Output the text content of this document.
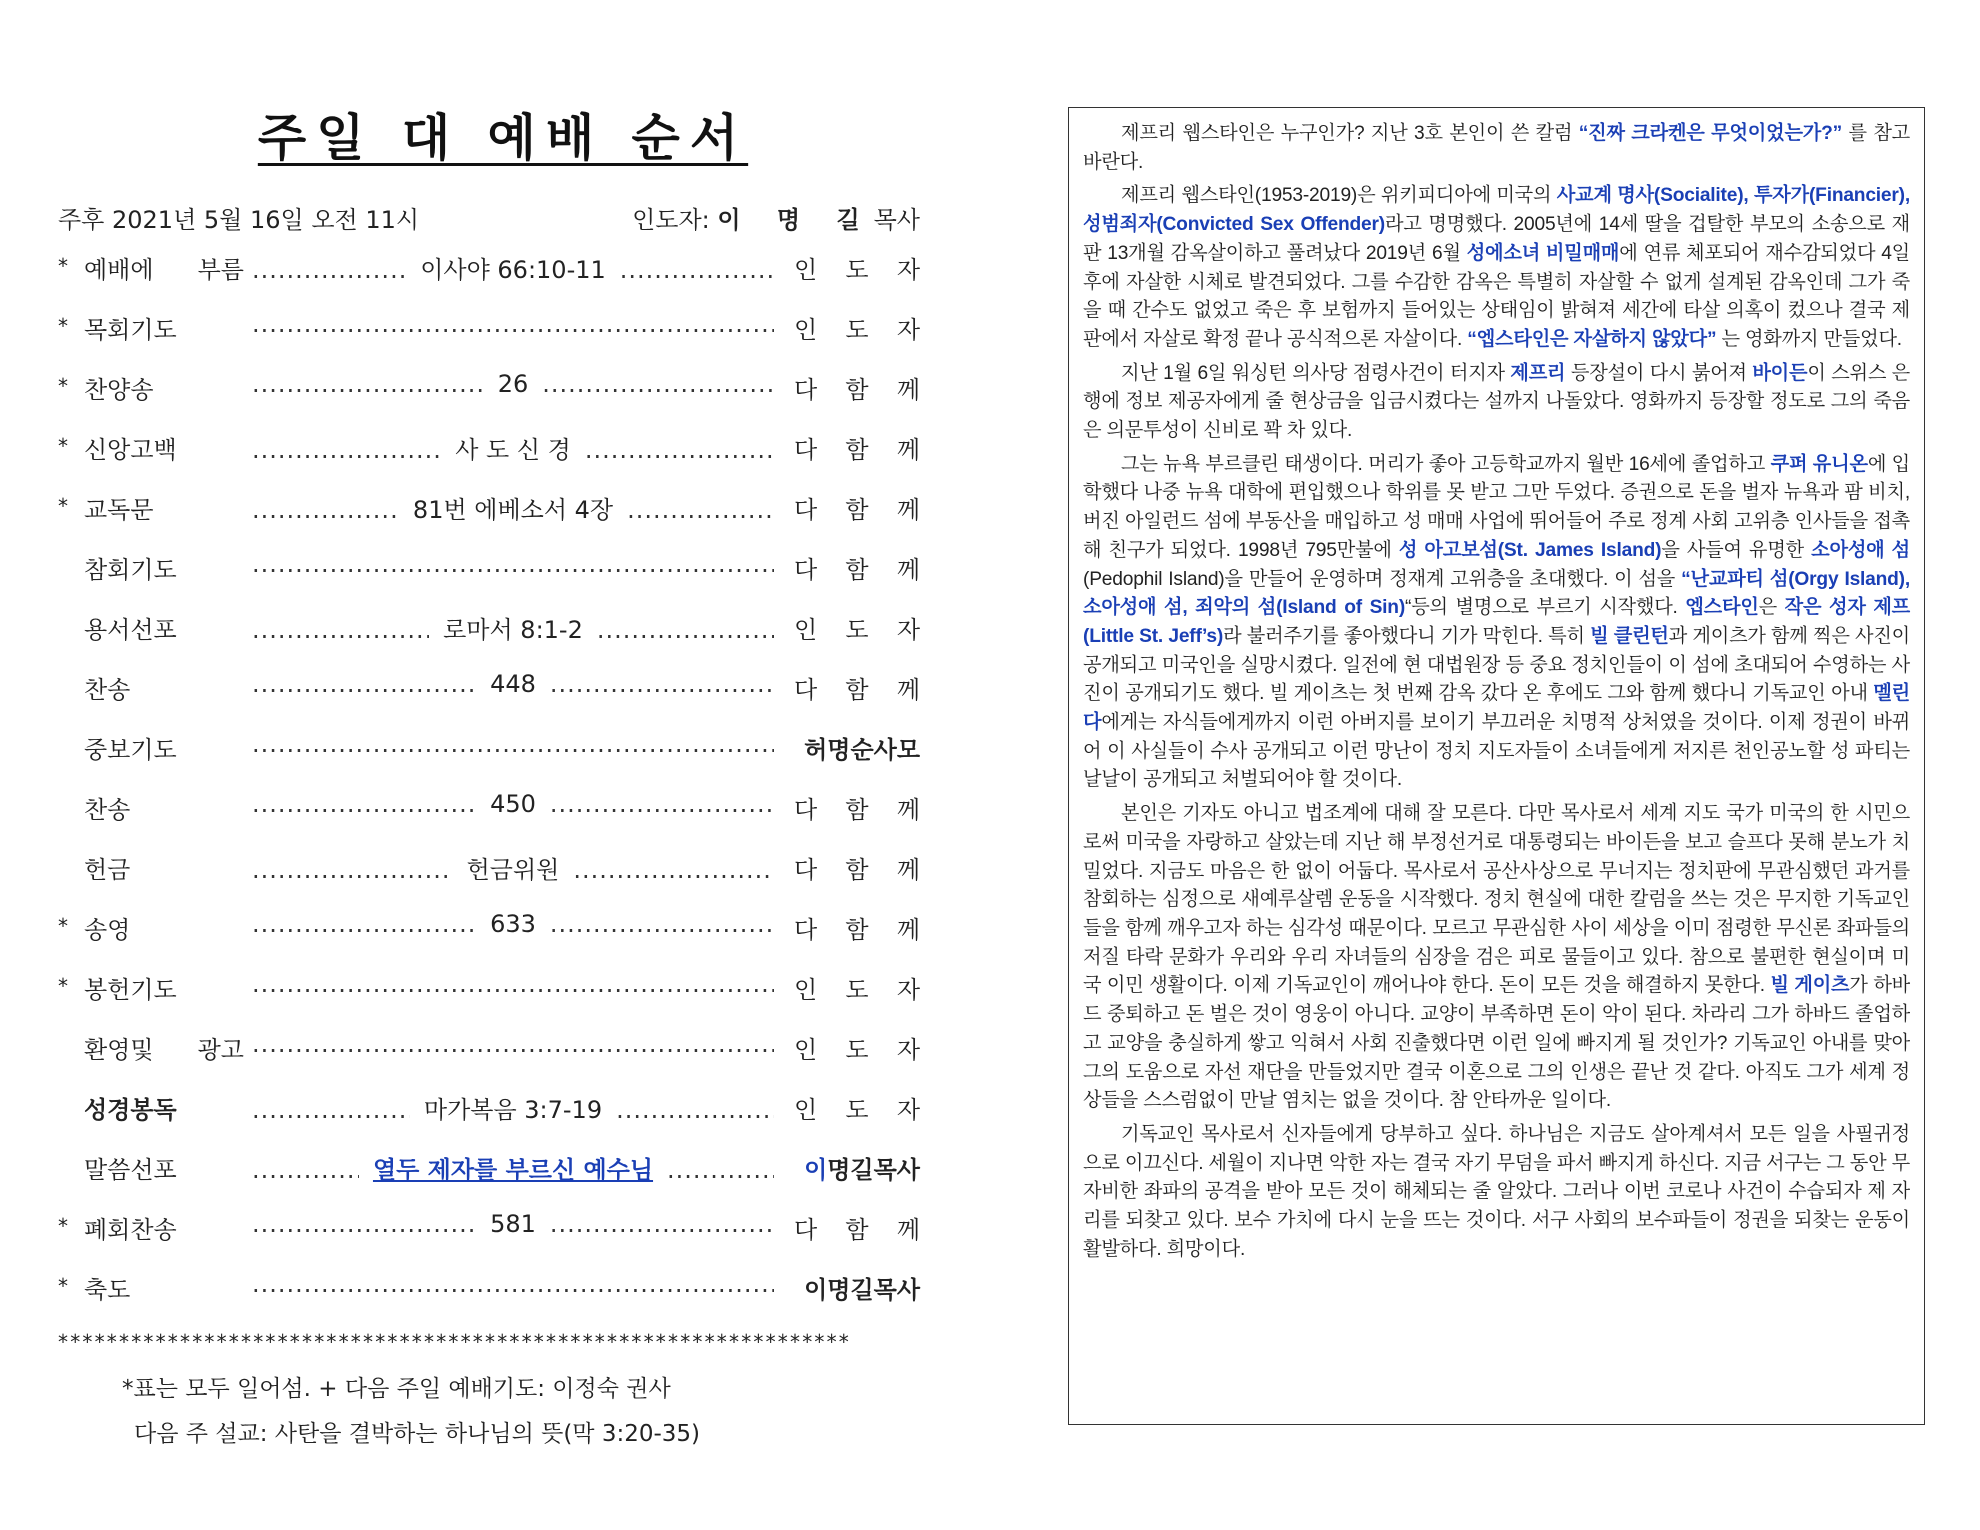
주일 대 예배 순서
주후 2021년 5월 16일 오전 11시	인도자: 이 명 길목사
* 예배에 부름 .....	이사야 66:10-11 .....	인 도 자
* 목회기도 .....	인 도 자
* 찬양송 .....	26 .....	다 함 께
* 신앙고백 .....	사 도 신 경 .....	다 함 께
* 교독문 .....	81번 에베소서 4장 .....	다 함 께
참회기도 .....	다 함 께
용서선포 .....	로마서 8:1-2 .....	인 도 자
찬송 .....	448 .....	다 함 께
중보기도 .....	허명순사모
찬송 .....	450 .....	다 함 께
헌금 .....	헌금위원 .....	다 함 께
* 송영 .....	633 .....	다 함 께
* 봉헌기도 .....	인 도 자
환영및 광고 .....	인 도 자
성경봉독 .....	마가복음 3:7-19 .....	인 도 자
말씀선포 .....	열두 제자를 부르신 예수님 .....	이명길목사
* 폐회찬송 .....	581 .....	다 함 께
* 축도 .....	이명길목사
*****************************************************************
*표는 모두 일어섬. + 다음 주일 예배기도: 이정숙 권사
다음 주 설교: 사탄을 결박하는 하나님의 뜻(막 3:20-35)

제프리 웹스타인은 누구인가? 지난 3호 본인이 쓴 칼럼 “진짜 크라켄은 무엇이었는가?” 를 참고 바란다.

제프리 웹스타인(1953-2019)은 위키피디아에 미국의 사교계 명사(Socialite), 투자가(Financier), 성범죄자(Convicted Sex Offender)라고 명명했다. 2005년에 14세 딸을 겁탈한 부모의 소송으로 재판 13개월 감옥살이하고 풀려났다 2019년 6월 성에소녀 비밀매매에 연류 체포되어 재수감되었다 4일 후에 자살한 시체로 발견되었다. 그를 수감한 감옥은 특별히 자살할 수 없게 설계된 감옥인데 그가 죽을 때 간수도 없었고 죽은 후 보험까지 들어있는 상태임이 밝혀져 세간에 타살 의혹이 컸으나 결국 제판에서 자살로 확정 끝나 공식적으론 자살이다. “엡스타인은 자살하지 않았다” 는 영화까지 만들었다.

지난 1월 6일 워싱턴 의사당 점령사건이 터지자 제프리 등장설이 다시 붉어져 바이든이 스위스 은행에 정보 제공자에게 줄 현상금을 입금시켰다는 설까지 나돌았다. 영화까지 등장할 정도로 그의 죽음은 의문투성이 신비로 꽉 차 있다.

그는 뉴욕 부르클린 태생이다. 머리가 좋아 고등학교까지 월반 16세에 졸업하고 쿠퍼 유니온에 입학했다 나중 뉴욕 대학에 편입했으나 학위를 못 받고 그만 두었다. 증권으로 돈을 벌자 뉴욕과 팜 비치, 버진 아일런드 섬에 부동산을 매입하고 성 매매 사업에 뛰어들어 주로 정계 사회 고위층 인사들을 접촉해 친구가 되었다. 1998년 795만불에 성 아고보섬(St. James Island)을 사들여 유명한 소아성애 섬(Pedophil Island)을 만들어 운영하며 정재계 고위층을 초대했다. 이 섬을 “난교파티 섬(Orgy Island), 소아성애 섬, 죄악의 섬(Island of Sin)“등의 별명으로 부르기 시작했다. 엡스타인은 작은 성자 제프(Little St. Jeff’s)라 불러주기를 좋아했다니 기가 막힌다. 특히 빌 클린턴과 게이츠가 함께 찍은 사진이 공개되고 미국인을 실망시켰다. 일전에 현 대법원장 등 중요 정치인들이 이 섬에 초대되어 수영하는 사진이 공개되기도 했다. 빌 게이츠는 첫 번째 감옥 갔다 온 후에도 그와 함께 했다니 기독교인 아내 멜린다에게는 자식들에게까지 이런 아버지를 보이기 부끄러운 치명적 상처였을 것이다. 이제 정권이 바뀌어 이 사실들이 수사 공개되고 이런 망난이 정치 지도자들이 소녀들에게 저지른 천인공노할 성 파티는 날날이 공개되고 처벌되어야 할 것이다.

본인은 기자도 아니고 법조계에 대해 잘 모른다. 다만 목사로서 세계 지도 국가 미국의 한 시민으로써 미국을 자랑하고 살았는데 지난 해 부정선거로 대통령되는 바이든을 보고 슬프다 못해 분노가 치밀었다. 지금도 마음은 한 없이 어둡다. 목사로서 공산사상으로 무너지는 정치판에 무관심했던 과거를 참회하는 심정으로 새예루살렘 운동을 시작했다. 정치 현실에 대한 칼럼을 쓰는 것은 무지한 기독교인들을 함께 깨우고자 하는 심각성 때문이다. 모르고 무관심한 사이 세상을 이미 점령한 무신론 좌파들의 저질 타락 문화가 우리와 우리 자녀들의 심장을 검은 피로 물들이고 있다. 참으로 불편한 현실이며 미국 이민 생활이다. 이제 기독교인이 깨어나야 한다. 돈이 모든 것을 해결하지 못한다. 빌 게이츠가 하바드 중퇴하고 돈 벌은 것이 영웅이 아니다. 교양이 부족하면 돈이 악이 된다. 차라리 그가 하바드 졸업하고 교양을 충실하게 쌓고 익혀서 사회 진출했다면 이런 일에 빠지게 될 것인가? 기독교인 아내를 맞아 그의 도움으로 자선 재단을 만들었지만 결국 이혼으로 그의 인생은 끝난 것 같다. 아직도 그가 세계 정상들을 스스럼없이 만날 염치는 없을 것이다. 참 안타까운 일이다.

기독교인 목사로서 신자들에게 당부하고 싶다. 하나님은 지금도 살아계셔서 모든 일을 사필귀정으로 이끄신다. 세월이 지나면 악한 자는 결국 자기 무덤을 파서 빠지게 하신다. 지금 서구는 그 동안 무자비한 좌파의 공격을 받아 모든 것이 해체되는 줄 알았다. 그러나 이번 코로나 사건이 수습되자 제 자리를 되찾고 있다. 보수 가치에 다시 눈을 뜨는 것이다. 서구 사회의 보수파들이 정권을 되찾는 운동이 활발하다. 희망이다.
